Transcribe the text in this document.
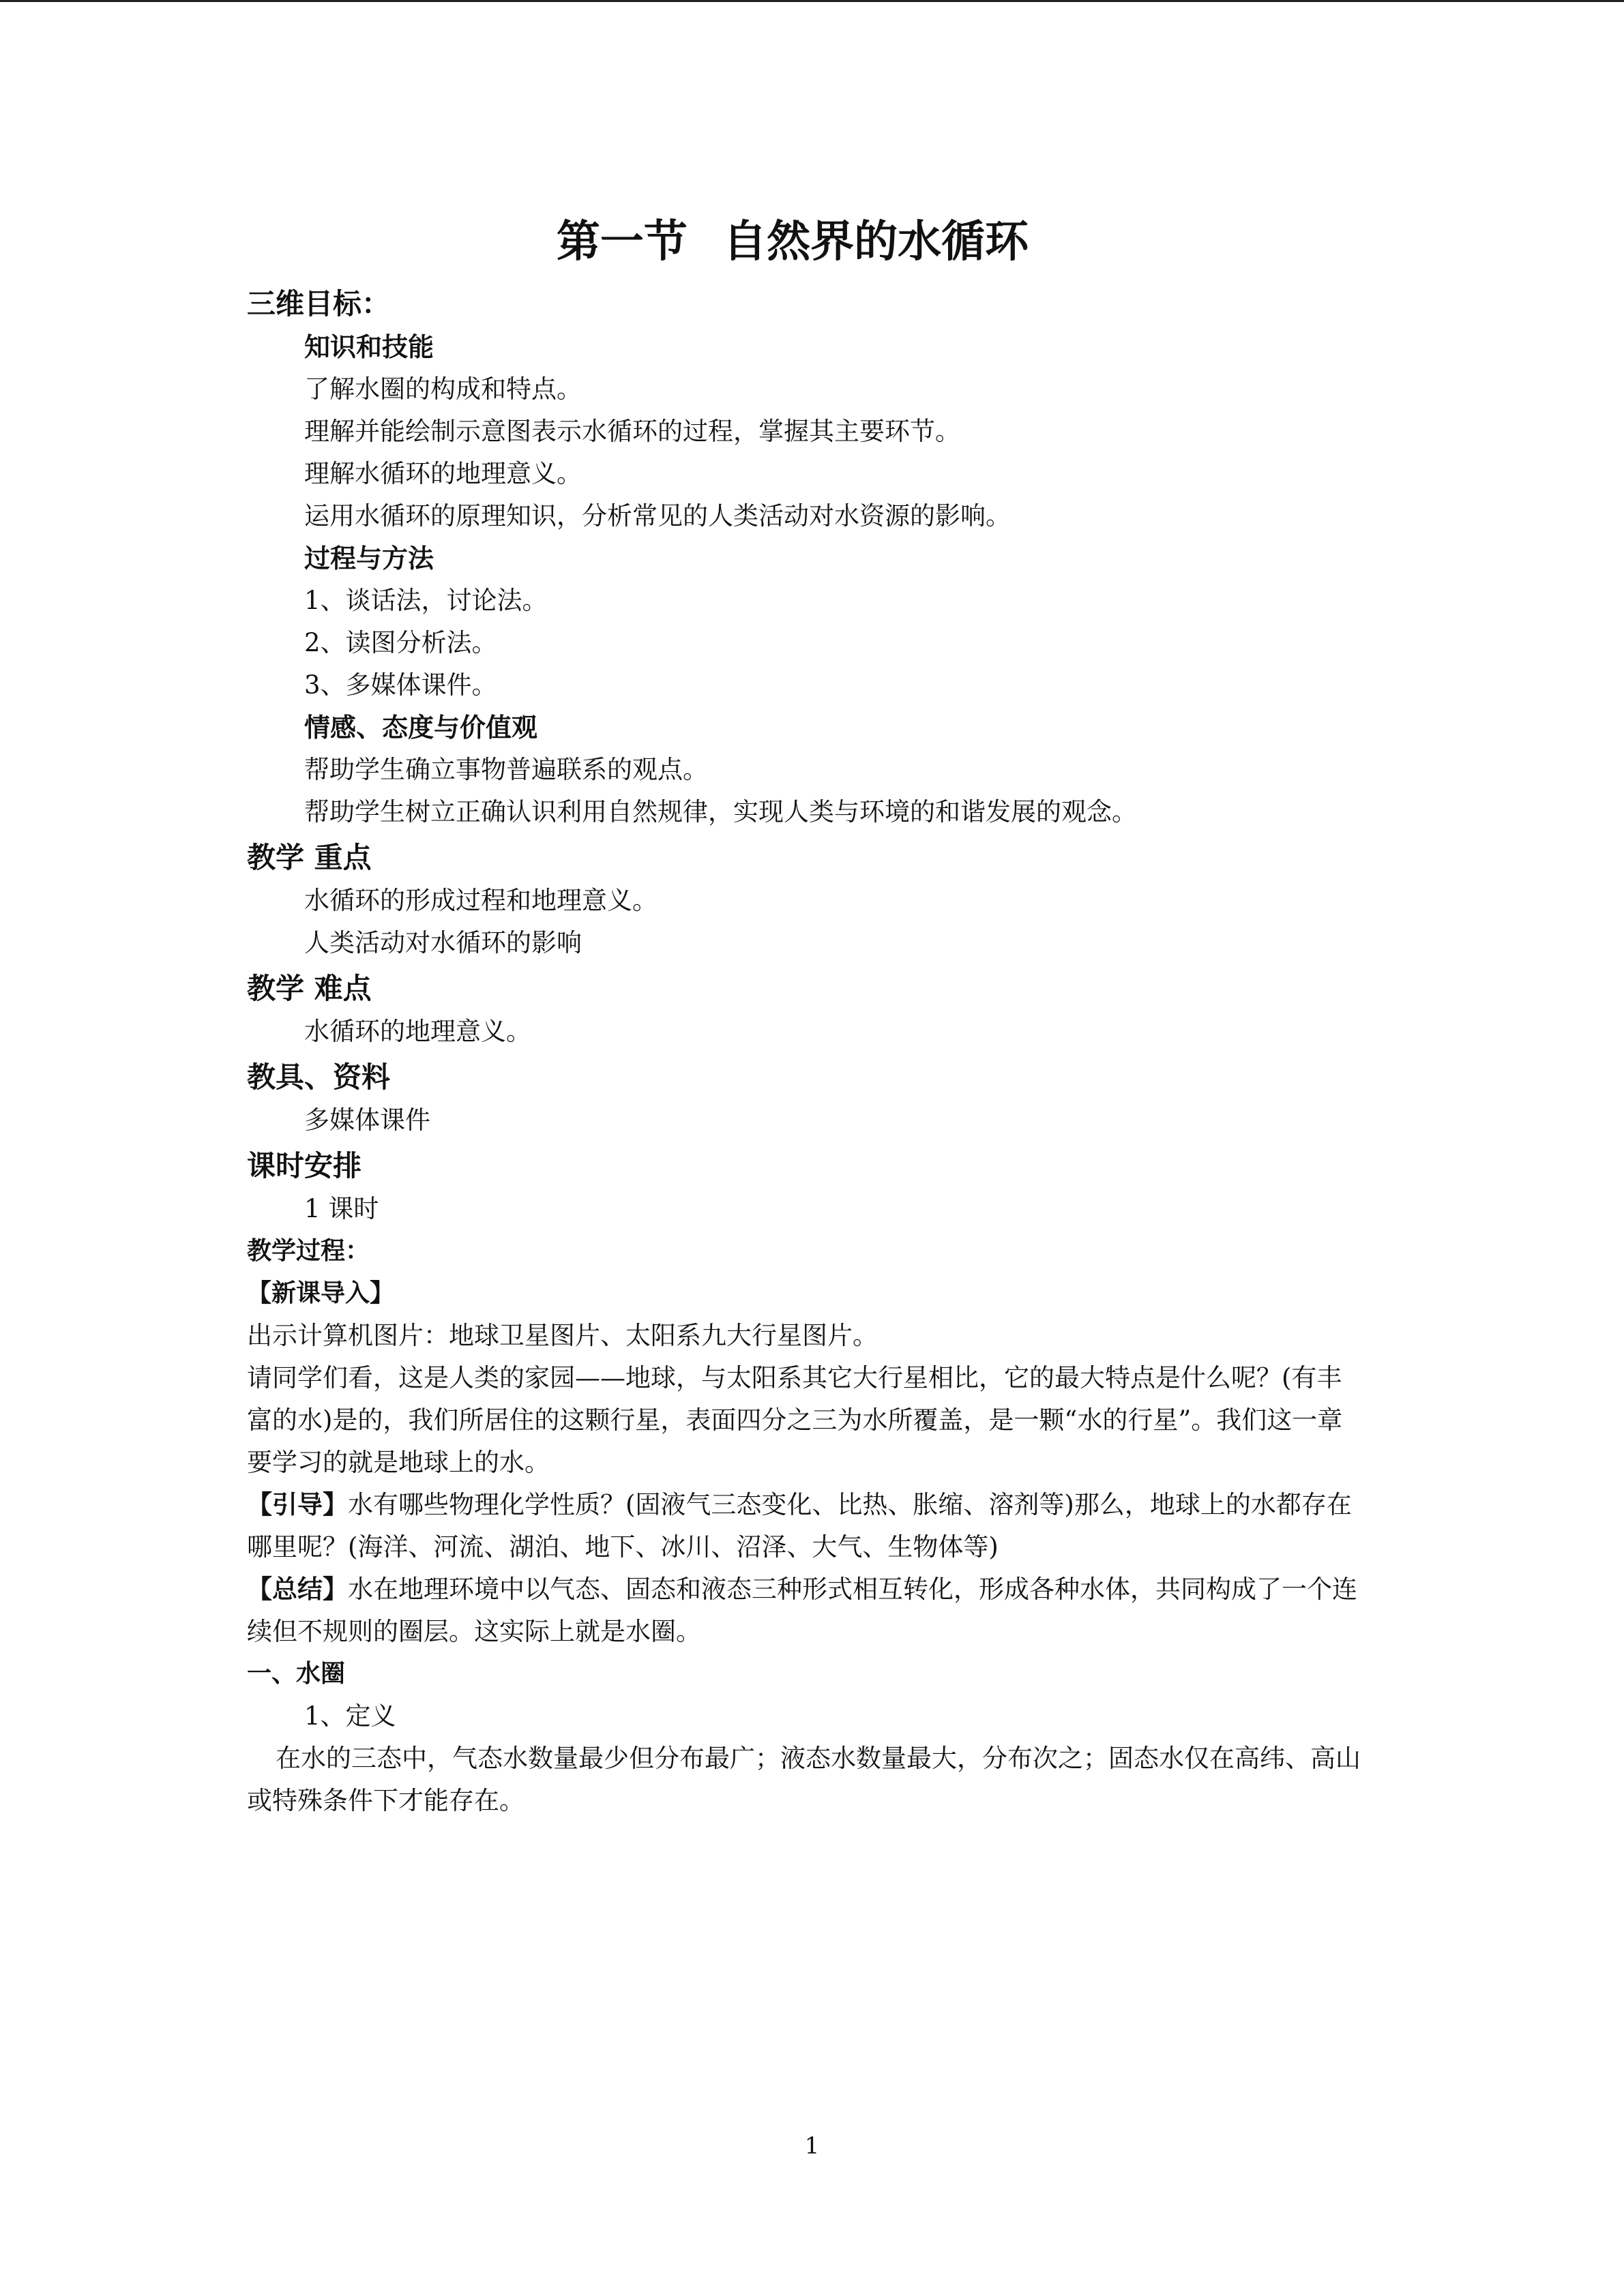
第一节 自然界的水循环
三维目标：
知识和技能
了解水圈的构成和特点。
理解并能绘制示意图表示水循环的过程，掌握其主要环节。
理解水循环的地理意义。
运用水循环的原理知识，分析常见的人类活动对水资源的影响。
过程与方法
1、谈话法，讨论法。
2、读图分析法。
3、多媒体课件。
情感、态度与价值观
帮助学生确立事物普遍联系的观点。
帮助学生树立正确认识利用自然规律，实现人类与环境的和谐发展的观念。
教学 重点
水循环的形成过程和地理意义。
人类活动对水循环的影响
教学 难点
水循环的地理意义。
教具、资料
多媒体课件
课时安排
1 课时
教学过程：
【新课导入】
出示计算机图片：地球卫星图片、太阳系九大行星图片。
请同学们看，这是人类的家园——地球，与太阳系其它大行星相比，它的最大特点是什么呢？(有丰富的水)是的，我们所居住的这颗行星，表面四分之三为水所覆盖，是一颗“水的行星”。我们这一章要学习的就是地球上的水。
【引导】水有哪些物理化学性质？(固液气三态变化、比热、胀缩、溶剂等)那么，地球上的水都存在哪里呢？(海洋、河流、湖泊、地下、冰川、沼泽、大气、生物体等)
【总结】水在地理环境中以气态、固态和液态三种形式相互转化，形成各种水体，共同构成了一个连续但不规则的圈层。这实际上就是水圈。
一、水圈
1、定义
在水的三态中，气态水数量最少但分布最广；液态水数量最大，分布次之；固态水仅在高纬、高山或特殊条件下才能存在。
1
